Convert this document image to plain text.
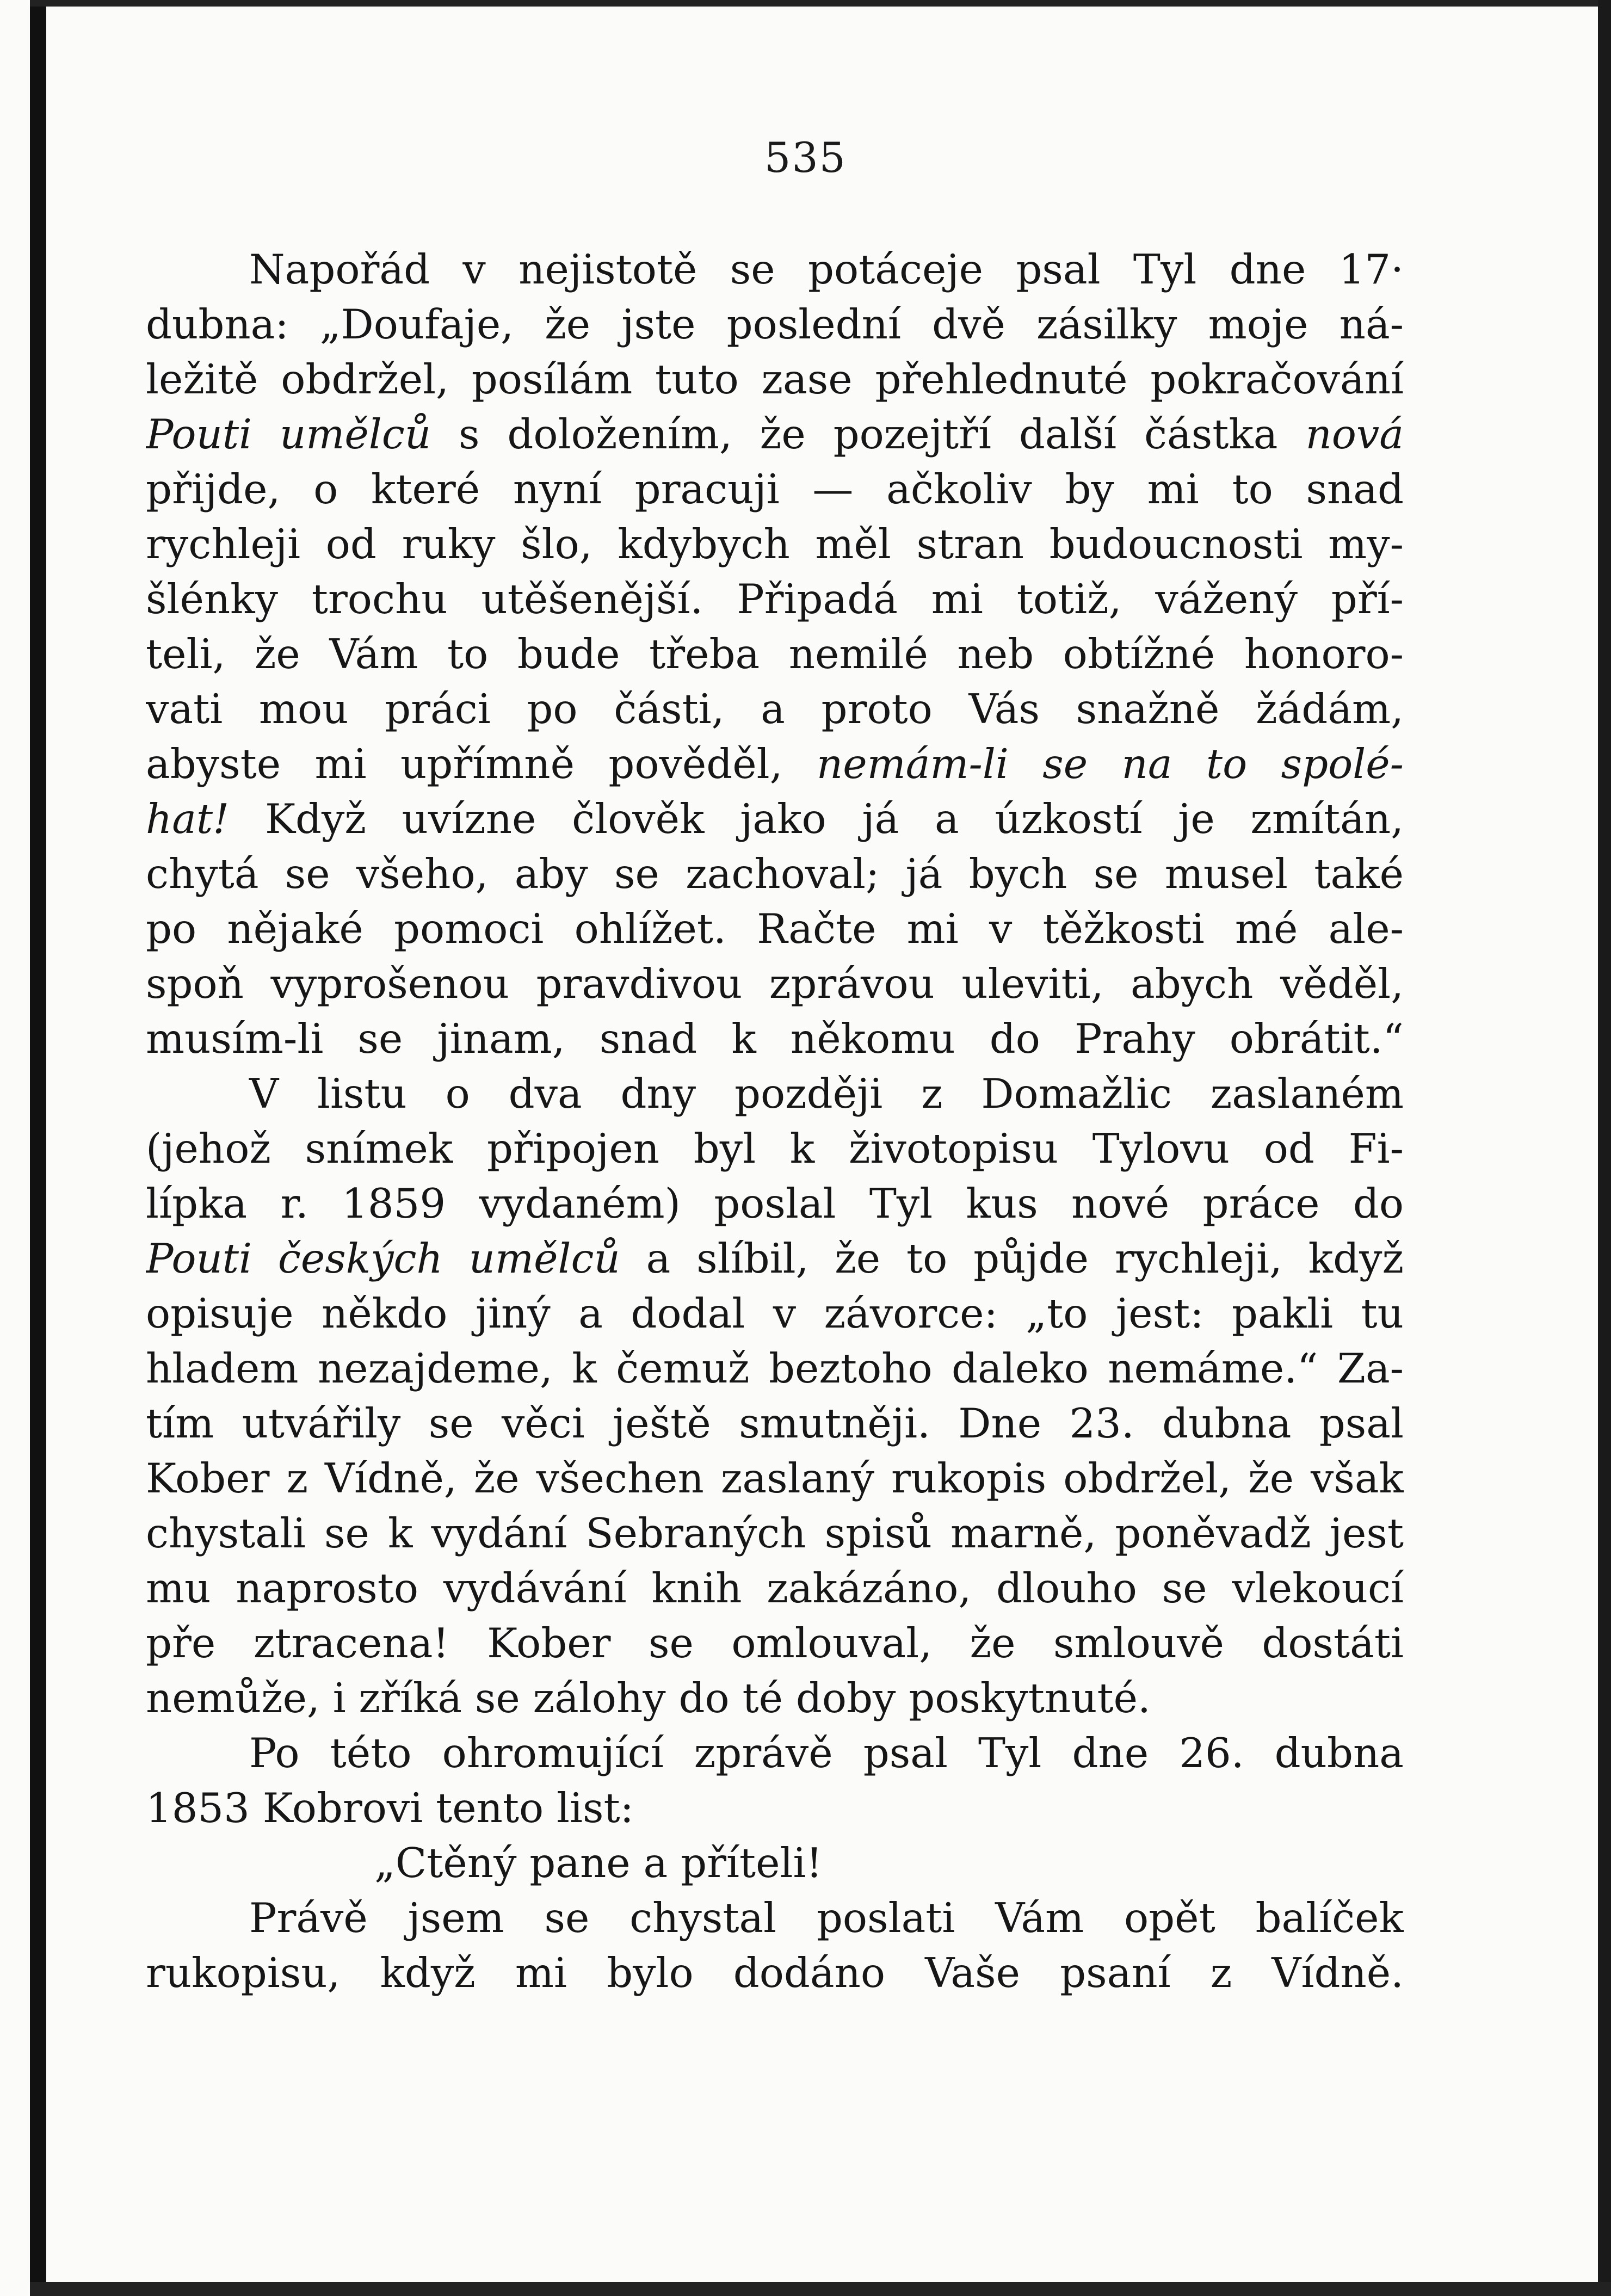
535
Napořád v nejistotě se potáceje psal Tyl dne 17·
dubna: „Doufaje, že jste poslední dvě zásilky moje ná-
ležitě obdržel, posílám tuto zase přehlednuté pokračování
Pouti umělců s doložením, že pozejtří další částka nová
přijde, o které nyní pracuji — ačkoliv by mi to snad
rychleji od ruky šlo, kdybych měl stran budoucnosti my-
šlénky trochu utěšenější. Připadá mi totiž, vážený pří-
teli, že Vám to bude třeba nemilé neb obtížné honoro-
vati mou práci po části, a proto Vás snažně žádám,
abyste mi upřímně pověděl, nemám-li se na to spolé-
hat! Když uvízne člověk jako já a úzkostí je zmítán,
chytá se všeho, aby se zachoval; já bych se musel také
po nějaké pomoci ohlížet. Račte mi v těžkosti mé ale-
spoň vyprošenou pravdivou zprávou uleviti, abych věděl,
musím-li se jinam, snad k někomu do Prahy obrátit.“
V listu o dva dny později z Domažlic zaslaném
(jehož snímek připojen byl k životopisu Tylovu od Fi-
lípka r. 1859 vydaném) poslal Tyl kus nové práce do
Pouti českých umělců a slíbil, že to půjde rychleji, když
opisuje někdo jiný a dodal v závorce: „to jest: pakli tu
hladem nezajdeme, k čemuž beztoho daleko nemáme.“ Za-
tím utvářily se věci ještě smutněji. Dne 23. dubna psal
Kober z Vídně, že všechen zaslaný rukopis obdržel, že však
chystali se k vydání Sebraných spisů marně, poněvadž jest
mu naprosto vydávání knih zakázáno, dlouho se vlekoucí
pře ztracena! Kober se omlouval, že smlouvě dostáti
nemůže, i zříká se zálohy do té doby poskytnuté.
Po této ohromující zprávě psal Tyl dne 26. dubna
1853 Kobrovi tento list:
„Ctěný pane a příteli!
Právě jsem se chystal poslati Vám opět balíček
rukopisu, když mi bylo dodáno Vaše psaní z Vídně.
